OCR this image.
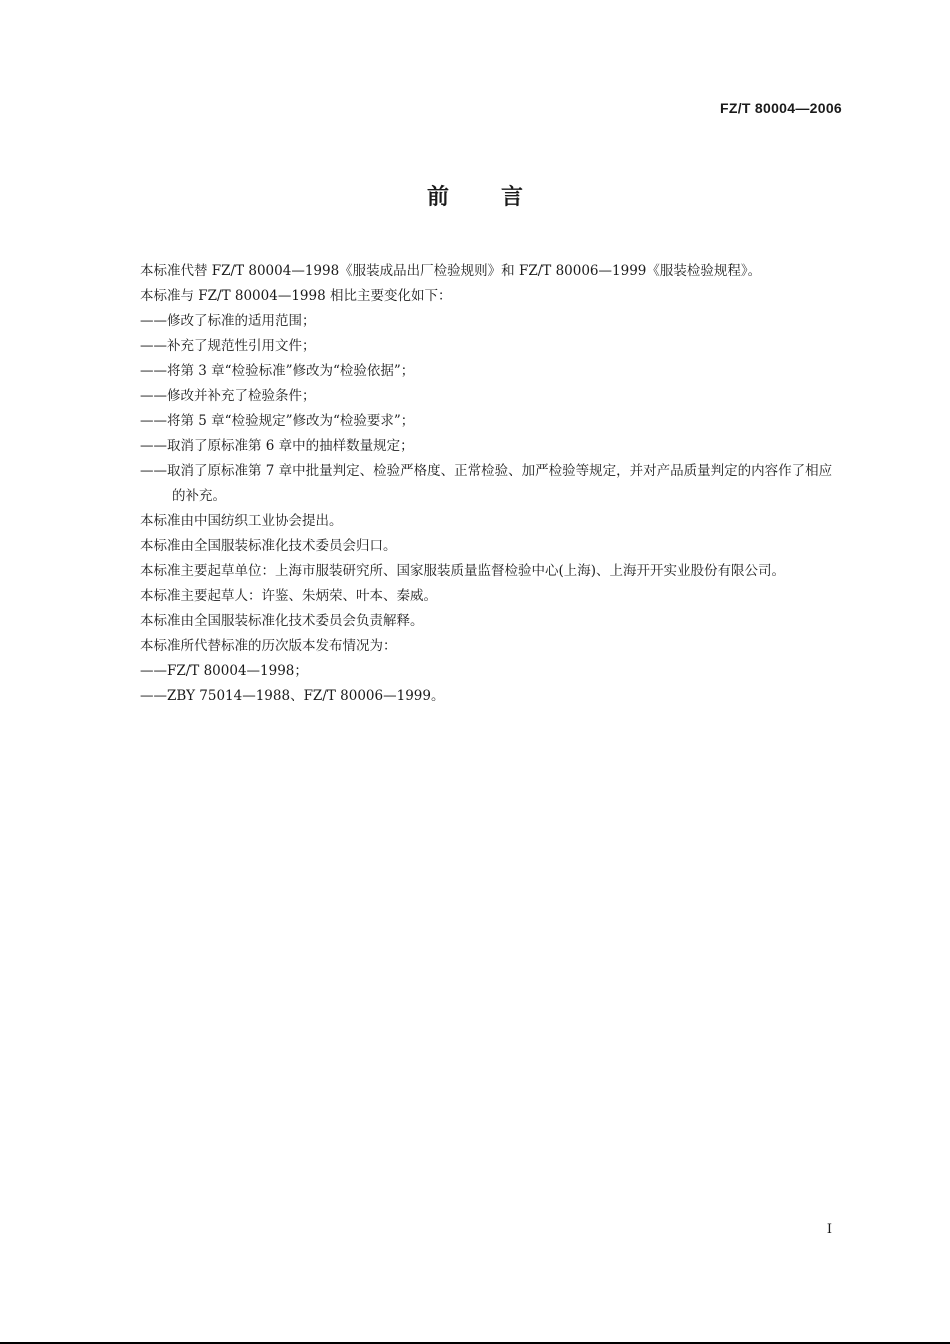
FZ/T 80004—2006
前言

本标准代替 FZ/T 80004—1998《服装成品出厂检验规则》和 FZ/T 80006—1999《服装检验规程》。

本标准与 FZ/T 80004—1998 相比主要变化如下：

——修改了标准的适用范围；

——补充了规范性引用文件；

——将第 3 章“检验标准”修改为“检验依据”；

——修改并补充了检验条件；

——将第 5 章“检验规定”修改为“检验要求”；

——取消了原标准第 6 章中的抽样数量规定；

——取消了原标准第 7 章中批量判定、检验严格度、正常检验、加严检验等规定，并对产品质量判定的内容作了相应的补充。

本标准由中国纺织工业协会提出。

本标准由全国服装标准化技术委员会归口。

本标准主要起草单位：上海市服装研究所、国家服装质量监督检验中心(上海)、上海开开实业股份有限公司。

本标准主要起草人：许鉴、朱炳荣、叶本、秦威。

本标准由全国服装标准化技术委员会负责解释。

本标准所代替标准的历次版本发布情况为：

——FZ/T 80004—1998；

——ZBY 75014—1988、FZ/T 80006—1999。

I
